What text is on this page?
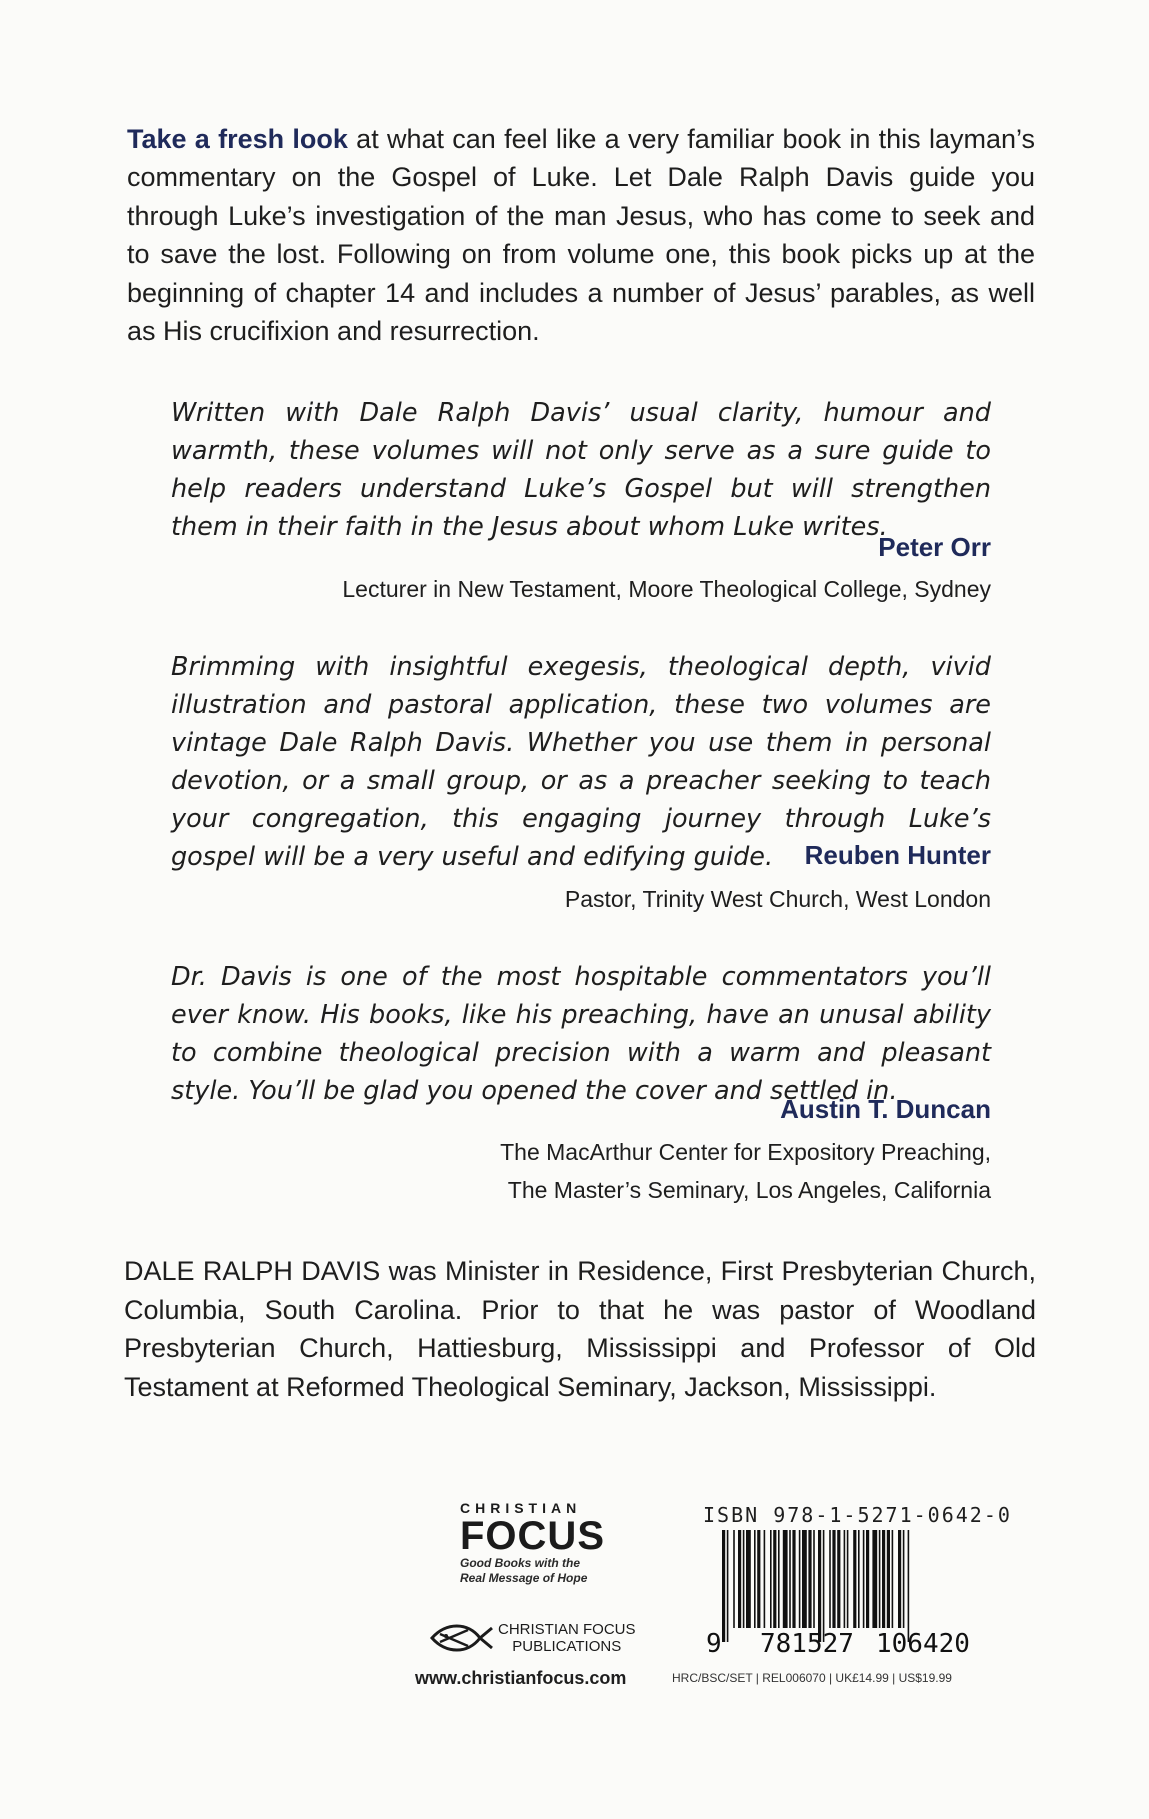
Take a fresh look at what can feel like a very familiar book in this layman’s commentary on the Gospel of Luke. Let Dale Ralph Davis guide you through Luke’s investigation of the man Jesus, who has come to seek and to save the lost. Following on from volume one, this book picks up at the beginning of chapter 14 and includes a number of Jesus’ parables, as well as His crucifixion and resurrection.

Written with Dale Ralph Davis’ usual clarity, humour and warmth, these volumes will not only serve as a sure guide to help readers understand Luke’s Gospel but will strengthen them in their faith in the Jesus about whom Luke writes.
Peter Orr
Lecturer in New Testament, Moore Theological College, Sydney
Brimming with insightful exegesis, theological depth, vivid illustration and pastoral application, these two volumes are vintage Dale Ralph Davis. Whether you use them in personal devotion, or a small group, or as a preacher seeking to teach your congregation, this engaging journey through Luke’s gospel will be a very useful and edifying guide.	Reuben Hunter
Pastor, Trinity West Church, West London
Dr. Davis is one of the most hospitable commentators you’ll ever know. His books, like his preaching, have an unusal ability to combine theological precision with a warm and pleasant style. You’ll be glad you opened the cover and settled in.
Austin T. Duncan
The MacArthur Center for Expository Preaching,
The Master’s Seminary, Los Angeles, California

DALE RALPH DAVIS was Minister in Residence, First Presbyterian Church, Columbia, South Carolina. Prior to that he was pastor of Woodland Presbyterian Church, Hattiesburg, Mississippi and Professor of Old Testament at Reformed Theological Seminary, Jackson, Mississippi.

CHRISTIAN
FOCUS
Good Books with the
Real Message of Hope
CHRISTIAN FOCUS
PUBLICATIONS
www.christianfocus.com
ISBN 978-1-5271-0642-0
9 781527 106420
HRC/BSC/SET | REL006070 | UK£14.99 | US$19.99
